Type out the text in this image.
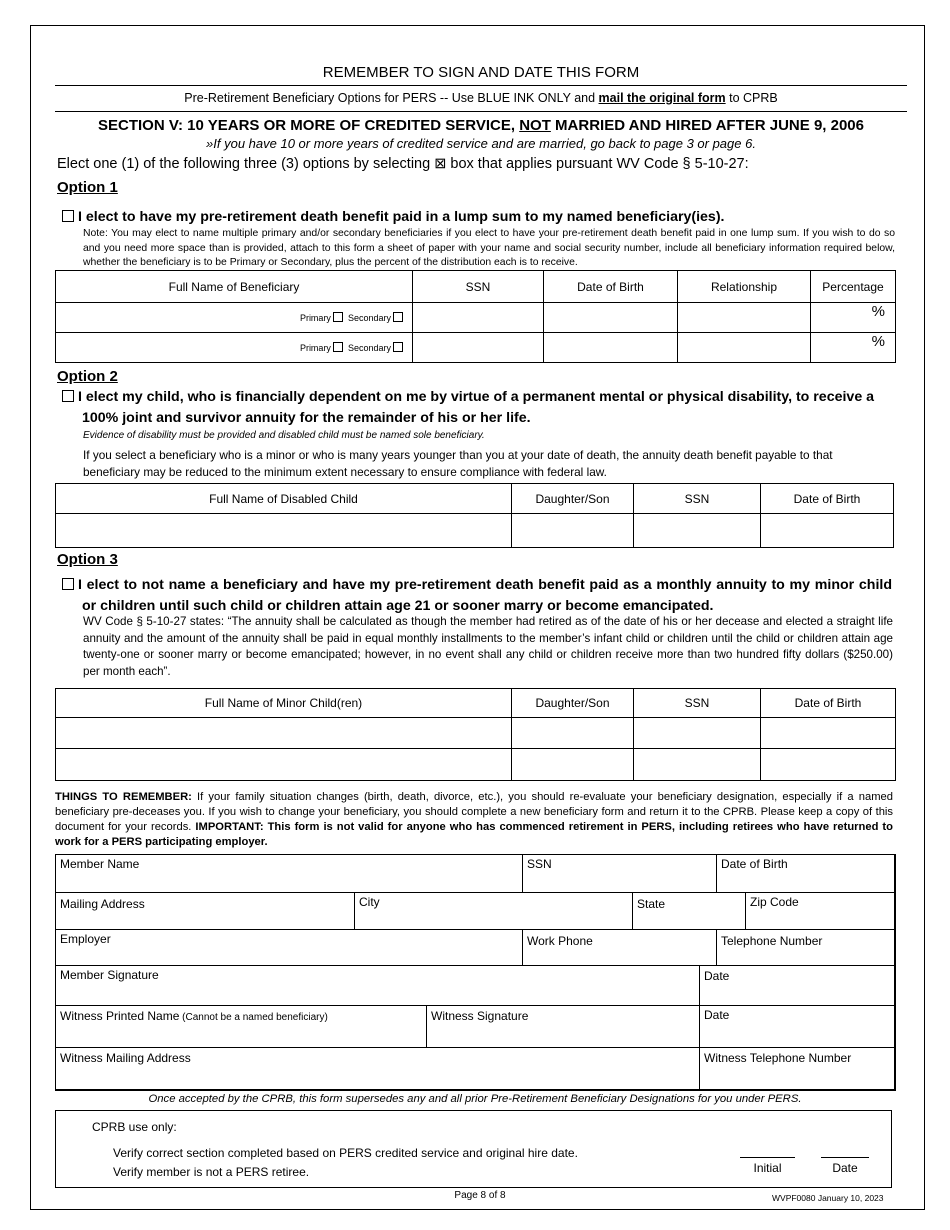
REMEMBER TO SIGN AND DATE THIS FORM
Pre-Retirement Beneficiary Options for PERS -- Use BLUE INK ONLY and mail the original form to CPRB
SECTION V: 10 YEARS OR MORE OF CREDITED SERVICE, NOT MARRIED AND HIRED AFTER JUNE 9, 2006
»If you have 10 or more years of credited service and are married, go back to page 3 or page 6.
Elect one (1) of the following three (3) options by selecting ⊠ box that applies pursuant WV Code § 5-10-27:
Option 1
I elect to have my pre-retirement death benefit paid in a lump sum to my named beneficiary(ies).
Note: You may elect to name multiple primary and/or secondary beneficiaries if you elect to have your pre-retirement death benefit paid in one lump sum. If you wish to do so and you need more space than is provided, attach to this form a sheet of paper with your name and social security number, include all beneficiary information required below, whether the beneficiary is to be Primary or Secondary, plus the percent of the distribution each is to receive.
Full Name of Beneficiary	SSN	Date of Birth	Relationship	Percentage
Primary Secondary				%
Primary Secondary				%
Option 2
I elect my child, who is financially dependent on me by virtue of a permanent mental or physical disability, to receive a 100% joint and survivor annuity for the remainder of his or her life.
Evidence of disability must be provided and disabled child must be named sole beneficiary.
If you select a beneficiary who is a minor or who is many years younger than you at your date of death, the annuity death benefit payable to that beneficiary may be reduced to the minimum extent necessary to ensure compliance with federal law.
Full Name of Disabled Child	Daughter/Son	SSN	Date of Birth

Option 3
I elect to not name a beneficiary and have my pre-retirement death benefit paid as a monthly annuity to my minor child or children until such child or children attain age 21 or sooner marry or become emancipated.
WV Code § 5-10-27 states: “The annuity shall be calculated as though the member had retired as of the date of his or her decease and elected a straight life annuity and the amount of the annuity shall be paid in equal monthly installments to the member’s infant child or children until the child or children attain age twenty-one or sooner marry or become emancipated; however, in no event shall any child or children receive more than two hundred fifty dollars ($250.00) per month each”.
Full Name of Minor Child(ren)	Daughter/Son	SSN	Date of Birth

THINGS TO REMEMBER: If your family situation changes (birth, death, divorce, etc.), you should re-evaluate your beneficiary designation, especially if a named beneficiary pre-deceases you. If you wish to change your beneficiary, you should complete a new beneficiary form and return it to the CPRB. Please keep a copy of this document for your records. IMPORTANT: This form is not valid for anyone who has commenced retirement in PERS, including retirees who have returned to work for a PERS participating employer.
Member Name	SSN	Date of Birth
Mailing Address	City	State	Zip Code
Employer	Work Phone	Telephone Number
Member Signature	Date
Witness Printed Name (Cannot be a named beneficiary)	Witness Signature	Date
Witness Mailing Address	Witness Telephone Number
Once accepted by the CPRB, this form supersedes any and all prior Pre-Retirement Beneficiary Designations for you under PERS.
CPRB use only:
Verify correct section completed based on PERS credited service and original hire date.
Verify member is not a PERS retiree.	Initial	Date
Page 8 of 8	WVPF0080 January 10, 2023
